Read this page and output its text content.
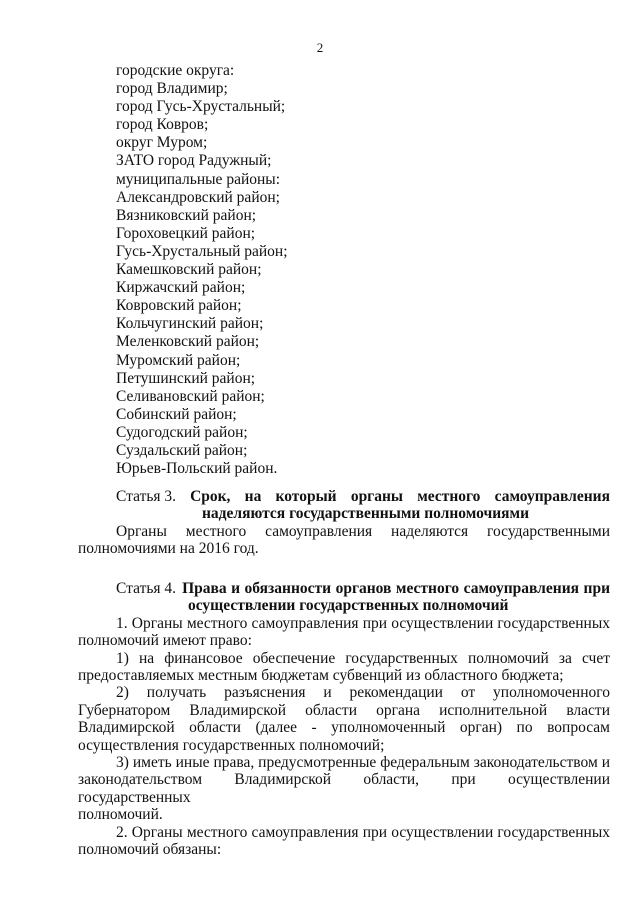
2
городские округа:
город Владимир;
город Гусь-Хрустальный;
город Ковров;
округ Муром;
ЗАТО город Радужный;
муниципальные районы:
Александровский район;
Вязниковский район;
Гороховецкий район;
Гусь-Хрустальный район;
Камешковский район;
Киржачский район;
Ковровский район;
Кольчугинский район;
Меленковский район;
Муромский район;
Петушинский район;
Селивановский район;
Собинский район;
Судогодский район;
Суздальский район;
Юрьев-Польский район.
Статья 3. Срок, на который органы местного самоуправления
наделяются государственными полномочиями
Органы местного самоуправления наделяются государственными
полномочиями на 2016 год.
Статья 4. Права и обязанности органов местного самоуправления при
осуществлении государственных полномочий
1. Органы местного самоуправления при осуществлении государственных
полномочий имеют право:
1) на финансовое обеспечение государственных полномочий за счет
предоставляемых местным бюджетам субвенций из областного бюджета;
2) получать разъяснения и рекомендации от уполномоченного
Губернатором Владимирской области органа исполнительной власти
Владимирской области (далее - уполномоченный орган) по вопросам
осуществления государственных полномочий;
3) иметь иные права, предусмотренные федеральным законодательством и
законодательством Владимирской области, при осуществлении государственных
полномочий.
2. Органы местного самоуправления при осуществлении государственных
полномочий обязаны:
